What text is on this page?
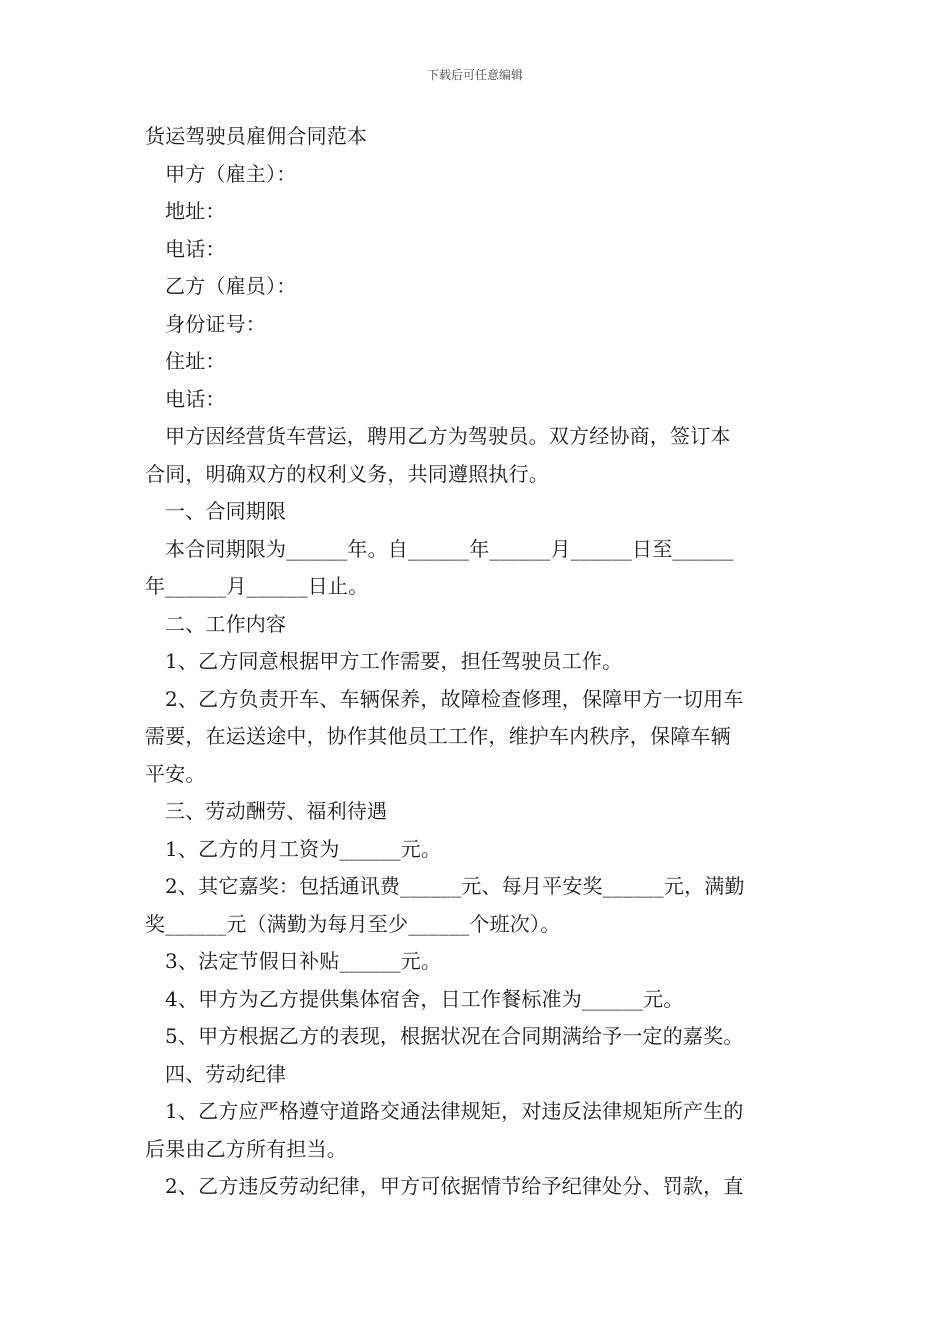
下载后可任意编辑
货运驾驶员雇佣合同范本
甲方（雇主）：
地址：
电话：
乙方（雇员）：
身份证号：
住址：
电话：
甲方因经营货车营运，聘用乙方为驾驶员。双方经协商，签订本
合同，明确双方的权利义务，共同遵照执行。
一、合同期限
本合同期限为______年。自______年______月______日至______
年______月______日止。
二、工作内容
1、乙方同意根据甲方工作需要，担任驾驶员工作。
2、乙方负责开车、车辆保养，故障检查修理，保障甲方一切用车
需要，在运送途中，协作其他员工工作，维护车内秩序，保障车辆
平安。
三、劳动酬劳、福利待遇
1、乙方的月工资为______元。
2、其它嘉奖：包括通讯费______元、每月平安奖______元，满勤
奖______元（满勤为每月至少______个班次）。
3、法定节假日补贴______元。
4、甲方为乙方提供集体宿舍，日工作餐标准为______元。
5、甲方根据乙方的表现，根据状况在合同期满给予一定的嘉奖。
四、劳动纪律
1、乙方应严格遵守道路交通法律规矩，对违反法律规矩所产生的
后果由乙方所有担当。
2、乙方违反劳动纪律，甲方可依据情节给予纪律处分、罚款，直
